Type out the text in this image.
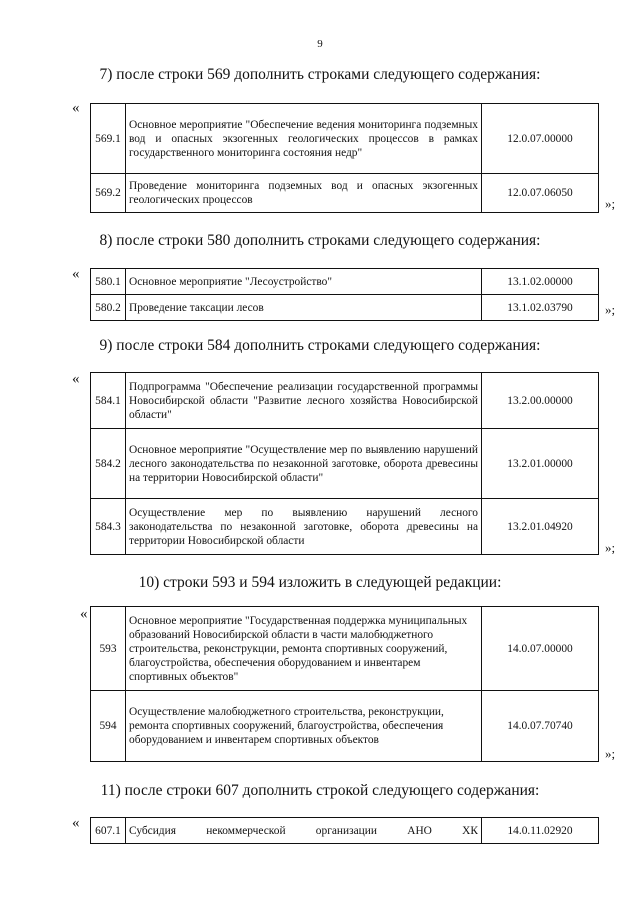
9
7) после строки 569 дополнить строками следующего содержания:
«
569.1	Основное мероприятие "Обеспечение ведения мониторинга подземных вод и опасных экзогенных геологических процессов в рамках государственного мониторинга состояния недр"	12.0.07.00000
569.2	Проведение мониторинга подземных вод и опасных экзогенных геологических процессов	12.0.07.06050
»;
8) после строки 580 дополнить строками следующего содержания:
« 580.1	Основное мероприятие "Лесоустройство"	13.1.02.00000
580.2	Проведение таксации лесов	13.1.02.03790 »;
9) после строки 584 дополнить строками следующего содержания:
«
584.1	Подпрограмма "Обеспечение реализации государственной программы Новосибирской области "Развитие лесного хозяйства Новосибирской области"	13.2.00.00000
584.2	Основное мероприятие "Осуществление мер по выявлению нарушений лесного законодательства по незаконной заготовке, оборота древесины на территории Новосибирской области"	13.2.01.00000
584.3	Осуществление мер по выявлению нарушений лесного законодательства по незаконной заготовке, оборота древесины на территории Новосибирской области	13.2.01.04920
»;
10) строки 593 и 594 изложить в следующей редакции:
«
593	Основное мероприятие "Государственная поддержка муниципальных образований Новосибирской области в части малобюджетного строительства, реконструкции, ремонта спортивных сооружений, благоустройства, обеспечения оборудованием и инвентарем спортивных объектов"	14.0.07.00000
594	Осуществление малобюджетного строительства, реконструкции, ремонта спортивных сооружений, благоустройства, обеспечения оборудованием и инвентарем спортивных объектов	14.0.07.70740
»;
11) после строки 607 дополнить строкой следующего содержания:
« 607.1	Субсидия некоммерческой организации АНО ХК	14.0.11.02920
